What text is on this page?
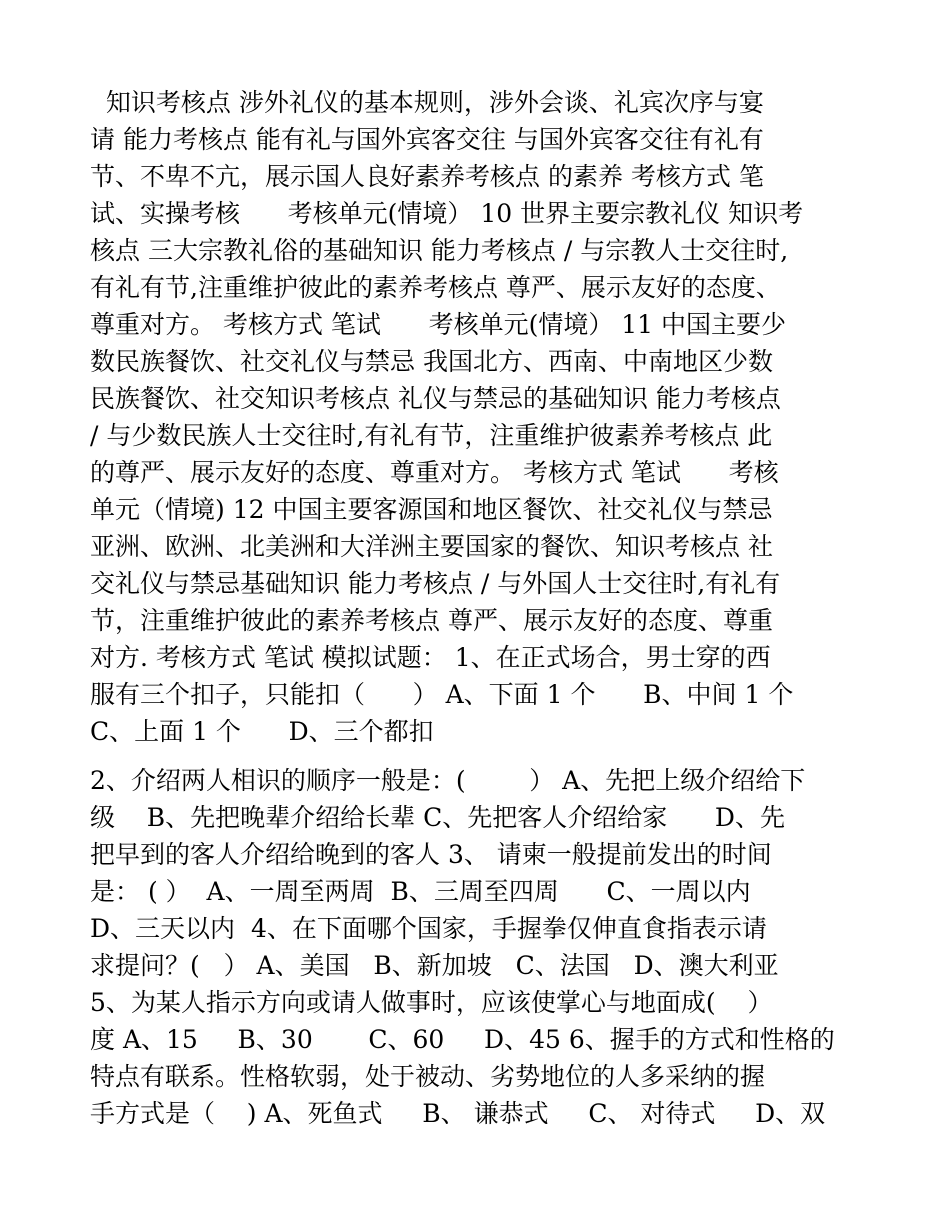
知识考核点 涉外礼仪的基本规则，涉外会谈、礼宾次序与宴
请 能力考核点 能有礼与国外宾客交往 与国外宾客交往有礼有
节、不卑不亢，展示国人良好素养考核点 的素养 考核方式 笔
试、实操考核      考核单元(情境） 10 世界主要宗教礼仪 知识考
核点 三大宗教礼俗的基础知识 能力考核点 / 与宗教人士交往时,
有礼有节,注重维护彼此的素养考核点 尊严、展示友好的态度、
尊重对方。 考核方式 笔试      考核单元(情境） 11 中国主要少
数民族餐饮、社交礼仪与禁忌 我国北方、西南、中南地区少数
民族餐饮、社交知识考核点 礼仪与禁忌的基础知识 能力考核点
/ 与少数民族人士交往时,有礼有节，注重维护彼素养考核点 此
的尊严、展示友好的态度、尊重对方。 考核方式 笔试      考核
单元（情境) 12 中国主要客源国和地区餐饮、社交礼仪与禁忌
亚洲、欧洲、北美洲和大洋洲主要国家的餐饮、知识考核点 社
交礼仪与禁忌基础知识 能力考核点 / 与外国人士交往时,有礼有
节，注重维护彼此的素养考核点 尊严、展示友好的态度、尊重
对方. 考核方式 笔试 模拟试题： 1、在正式场合，男士穿的西
服有三个扣子，只能扣（      ） A、下面 1 个      B、中间 1 个
C、上面 1 个      D、三个都扣
2、介绍两人相识的顺序一般是：(        ） A、先把上级介绍给下
级    B、先把晚辈介绍给长辈 C、先把客人介绍给家      D、先
把早到的客人介绍给晚到的客人 3、 请柬一般提前发出的时间
是： ( ）  A、一周至两周  B、三周至四周      C、一周以内
D、三天以内  4、在下面哪个国家，手握拳仅伸直食指表示请
求提问？(   ） A、美国   B、新加坡   C、法国   D、澳大利亚
5、为某人指示方向或请人做事时，应该使掌心与地面成(    ）
度 A、15     B、30       C、60     D、45 6、握手的方式和性格的
特点有联系。性格软弱，处于被动、劣势地位的人多采纳的握
手方式是（    ) A、死鱼式     B、 谦恭式     C、 对待式     D、双
